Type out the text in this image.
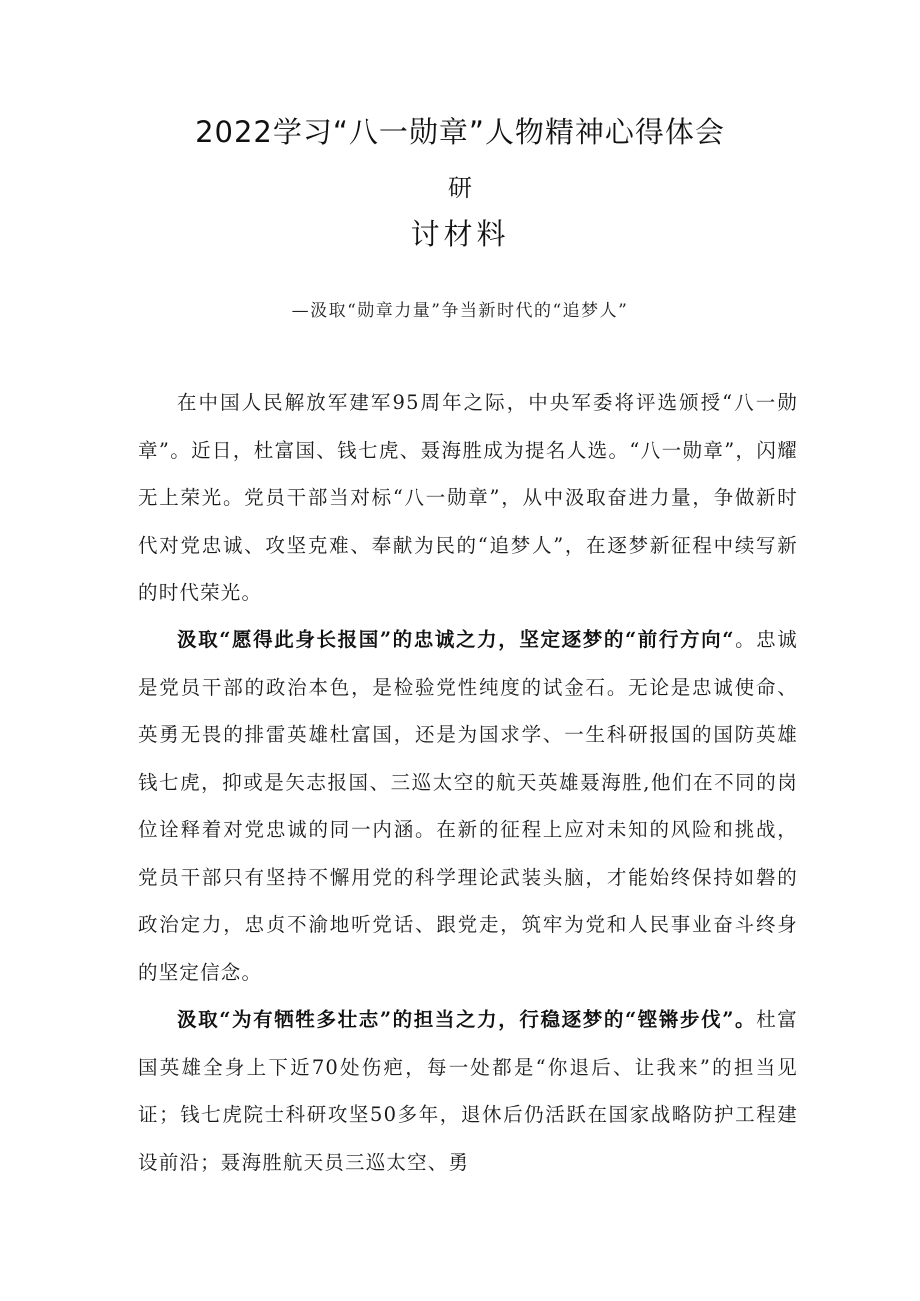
2022学习“八一勋章”人物精神心得体会
研
讨材料
—汲取“勋章力量”争当新时代的“追梦人”

在中国人民解放军建军95周年之际，中央军委将评选颁授“八一勋章”。近日，杜富国、钱七虎、聂海胜成为提名人选。“八一勋章”，闪耀无上荣光。党员干部当对标“八一勋章”，从中汲取奋进力量，争做新时代对党忠诚、攻坚克难、奉献为民的“追梦人”，在逐梦新征程中续写新的时代荣光。

汲取“愿得此身长报国”的忠诚之力，坚定逐梦的“前行方向“。忠诚是党员干部的政治本色，是检验党性纯度的试金石。无论是忠诚使命、英勇无畏的排雷英雄杜富国，还是为国求学、一生科研报国的国防英雄钱七虎，抑或是矢志报国、三巡太空的航天英雄聂海胜,他们在不同的岗位诠释着对党忠诚的同一内涵。在新的征程上应对未知的风险和挑战，党员干部只有坚持不懈用党的科学理论武装头脑，才能始终保持如磐的政治定力，忠贞不渝地听党话、跟党走，筑牢为党和人民事业奋斗终身的坚定信念。

汲取“为有牺牲多壮志”的担当之力，行稳逐梦的“铿锵步伐”。杜富国英雄全身上下近70处伤疤，每一处都是“你退后、让我来”的担当见证；钱七虎院士科研攻坚50多年，退休后仍活跃在国家战略防护工程建设前沿；聂海胜航天员三巡太空、勇
